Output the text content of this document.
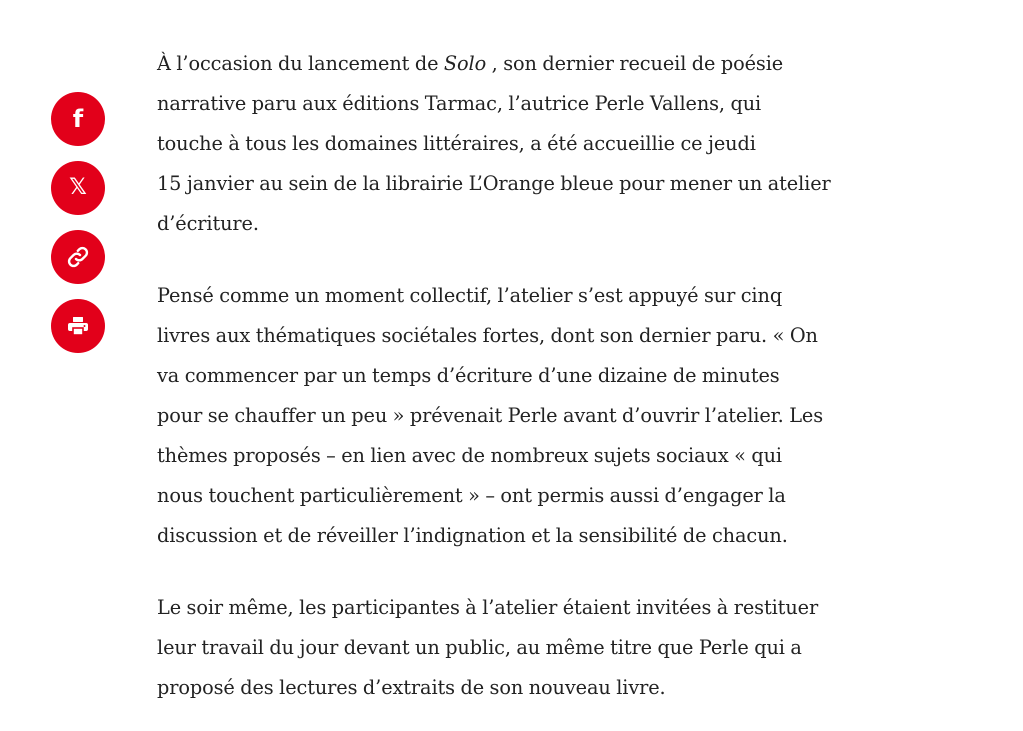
f
𝕏

À l’occasion du lancement de Solo , son dernier recueil de poésie
narrative paru aux éditions Tarmac, l’autrice Perle Vallens, qui
touche à tous les domaines littéraires, a été accueillie ce jeudi
15 janvier au sein de la librairie L’Orange bleue pour mener un atelier
d’écriture.

Pensé comme un moment collectif, l’atelier s’est appuyé sur cinq
livres aux thématiques sociétales fortes, dont son dernier paru. « On
va commencer par un temps d’écriture d’une dizaine de minutes
pour se chauffer un peu » prévenait Perle avant d’ouvrir l’atelier. Les
thèmes proposés – en lien avec de nombreux sujets sociaux « qui
nous touchent particulièrement » – ont permis aussi d’engager la
discussion et de réveiller l’indignation et la sensibilité de chacun.

Le soir même, les participantes à l’atelier étaient invitées à restituer
leur travail du jour devant un public, au même titre que Perle qui a
proposé des lectures d’extraits de son nouveau livre.
